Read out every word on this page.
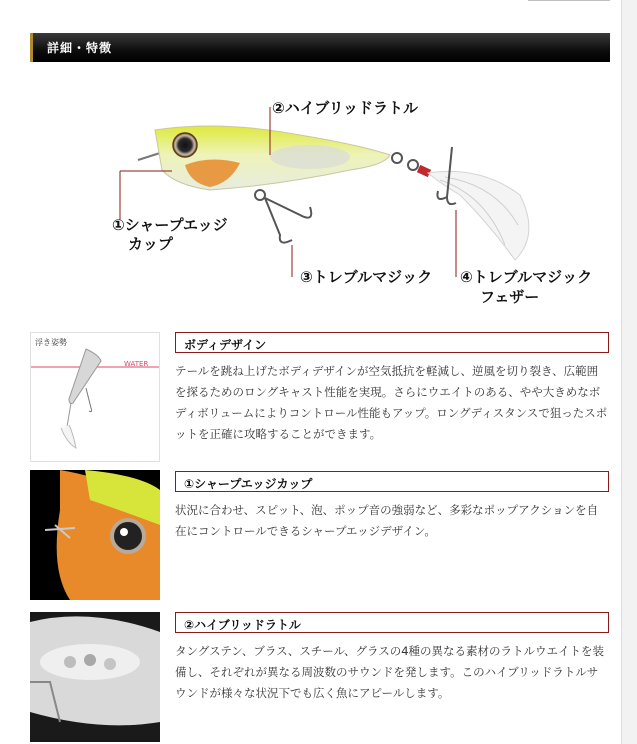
詳細・特徴
②ハイブリッドラトル
①シャープエッジ
カップ
③トレブルマジック ④トレブルマジック
フェザー
浮き姿勢
WATER
ボディデザイン
テールを跳ね上げたボディデザインが空気抵抗を軽減し、逆風を切り裂き、広範囲を探るためのロングキャスト性能を実現。さらにウエイトのある、やや大きめなボディボリュームによりコントロール性能もアップ。ロングディスタンスで狙ったスポットを正確に攻略することができます。
①シャープエッジカップ
状況に合わせ、スピット、泡、ポップ音の強弱など、多彩なポップアクションを自在にコントロールできるシャープエッジデザイン。
②ハイブリッドラトル
タングステン、ブラス、スチール、グラスの4種の異なる素材のラトルウエイトを装備し、それぞれが異なる周波数のサウンドを発します。このハイブリッドラトルサウンドが様々な状況下でも広く魚にアピールします。
